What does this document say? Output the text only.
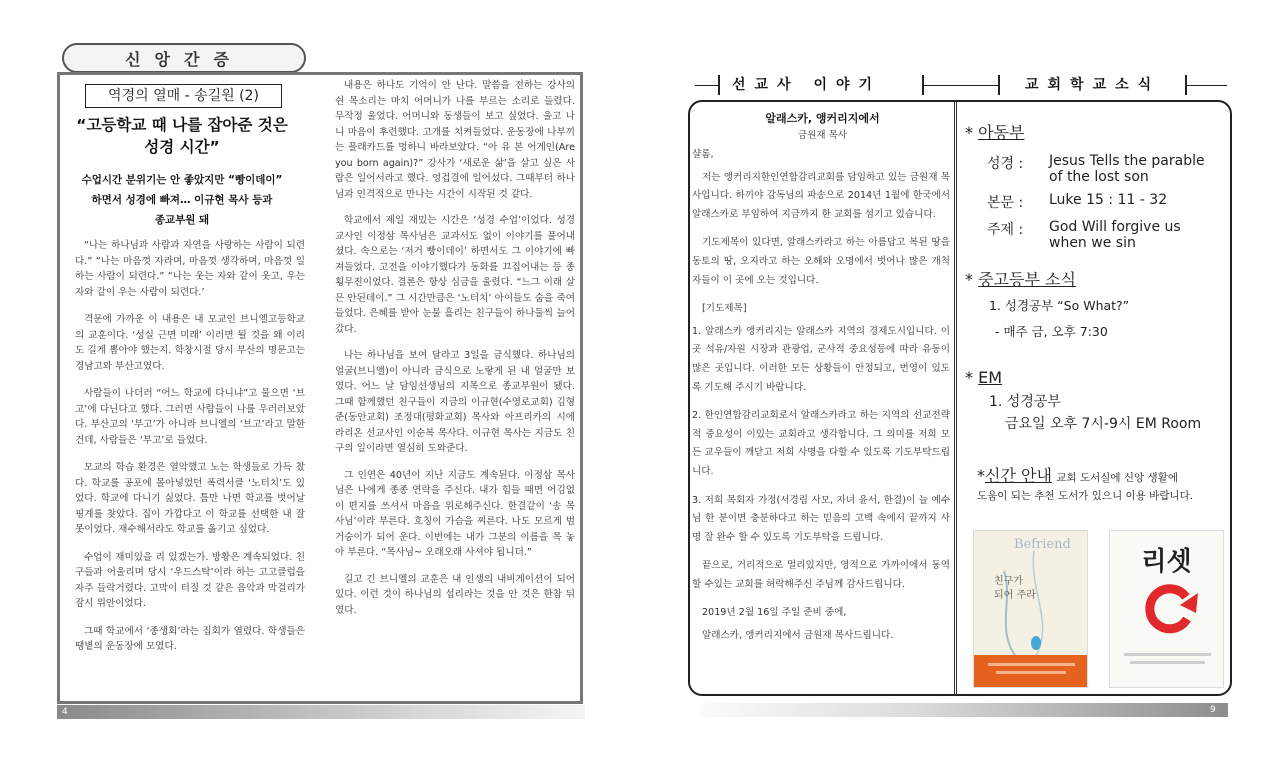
신앙간증
역경의 열매 - 송길원 (2)
“고등학교 때 나를 잡아준 것은
성경 시간”
수업시간 분위기는 안 좋았지만 “빵이데이”
하면서 성경에 빠져… 이규현 목사 등과
종교부원 돼

“나는 하나님과 사람과 자연을 사랑하는 사람이 되련다.” “나는 마음껏 자라며, 마음껏 생각하며, 마음껏 일하는 사람이 되련다.” “나는 웃는 자와 같이 웃고, 우는 자와 같이 우는 사람이 되련다.’

격문에 가까운 이 내용은 내 모교인 브니엘고등학교의 교훈이다. ‘성실 근면 미래’ 이러면 될 것을 왜 이리도 길게 뽑아야 했는지. 학창시절 당시 부산의 명문고는 경남고와 부산고였다.

사람들이 나더러 “어느 학교에 다니냐”고 물으면 ‘브고’에 다닌다고 했다. 그러면 사람들이 나를 우러러보았다. 부산고의 ‘부고’가 아니라 브니엘의 ‘브고’라고 말한 건데, 사람들은 ‘부고’로 들었다.

모교의 학습 환경은 열악했고 노는 학생들로 가득 찼다. 학교를 공포에 몰아넣었던 폭력서클 ‘노터치’도 있었다. 학교에 다니기 싫었다. 틈만 나면 학교를 벗어날 핑계를 찾았다. 집이 가깝다고 이 학교를 선택한 내 잘못이었다. 재수해서라도 학교를 옮기고 싶었다.

수업이 재미있을 리 있겠는가. 방황은 계속되었다. 친구들과 어울리며 당시 ‘우드스탁’이라 하는 고고클럽을 자주 들락거렸다. 고막이 터질 것 같은 음악과 막걸리가 잠시 위안이었다.

그때 학교에서 ‘종생회’라는 집회가 열렸다. 학생들은 땡볕의 운동장에 모였다.

내용은 하나도 기억이 안 난다. 말씀을 전하는 강사의 쉰 목소리는 마치 어머니가 나를 부르는 소리로 들렸다. 무작정 울었다. 어머니와 동생들이 보고 싶었다. 울고 나니 마음이 후련했다. 고개를 치켜들었다. 운동장에 나부끼는 플래카드를 멍하니 바라보았다. “아 유 본 어게인(Are you born again)?” 강사가 ‘새로운 삶’을 살고 싶은 사람은 일어서라고 했다. 엉겁결에 일어섰다. 그때부터 하나님과 인격적으로 만나는 시간이 시작된 것 같다.

학교에서 제일 재밌는 시간은 ‘성경 수업’이었다. 성경 교사인 이정삼 목사님은 교과서도 없이 이야기를 풀어내셨다. 속으로는 ‘저거 빵이데이’ 하면서도 그 이야기에 빠져들었다. 고전을 이야기했다가 동화를 끄집어내는 등 종횡무진이었다. 결론은 항상 심금을 울렸다. “느그 이래 살믄 안된데이.” 그 시간만큼은 ‘노터치’ 아이들도 숨을 죽여 들었다. 은혜를 받아 눈물 흘리는 친구들이 하나둘씩 늘어갔다.

나는 하나님을 보여 달라고 3일을 금식했다. 하나님의 얼굴(브니엘)이 아니라 금식으로 노랗게 된 내 얼굴만 보였다. 어느 날 담임선생님의 지목으로 종교부원이 됐다. 그때 함께했던 친구들이 지금의 이규현(수영로교회) 김형준(동안교회) 조정대(평화교회) 목사와 아프리카의 시에라리온 선교사인 이순복 목사다. 이규현 목사는 지금도 친구의 일이라면 열심히 도와준다.

그 인연은 40년이 지난 지금도 계속된다. 이정삼 목사님은 나에게 종종 연락을 주신다. 내가 힘들 때면 어김없이 편지를 쓰셔서 마음을 위로해주신다. 한결같이 ‘송 목사님’이라 부른다. 호칭이 가슴을 찌른다. 나도 모르게 범거숭이가 되어 운다. 이번에는 내가 그분의 이름을 목 놓아 부른다. “목사님~ 오래오래 사셔야 됩니더.”

길고 긴 브니엘의 교훈은 내 인생의 내비게이션이 되어 있다. 이런 것이 하나님의 섭리라는 것을 안 것은 한참 뒤였다.

4
선교사 이야기	교회학교소식
알래스카, 앵커리지에서
금원재 목사

샬롬,

저는 앵커리지한인연합감리교회를 담임하고 있는 금원재 목사입니다. 하끼야 감독님의 파송으로 2014년 1월에 한국에서 알래스카로 부임하여 지금까지 한 교회를 섬기고 있습니다.

기도제목이 있다면, 알래스카라고 하는 아름답고 복된 땅을 동토의 땅, 오지라고 하는 오해와 오명에서 벗어나 많은 개척자들이 이 곳에 오는 것입니다.

[기도제목]

1. 알래스카 앵커리지는 알래스카 지역의 경제도시입니다. 이곳 석유/자원 시장과 관광업, 군사적 중요성등에 따라 유동이 많은 곳입니다. 이러한 모든 상황들이 안정되고, 번영이 있도록 기도해 주시기 바랍니다.

2. 한인연합감리교회로서 알래스카라고 하는 지역의 선교전략적 중요성이 이있는 교회라고 생각합니다. 그 의미를 저희 모든 교우들이 깨닫고 저희 사명을 다할 수 있도록 기도부탁드립니다.

3. 저희 목회자 가정(서경림 사모, 자녀 윤서, 한결)이 늘 예수님 한 분이면 충분하다고 하는 믿음의 고백 속에서 끝까지 사명 잘 완수 할 수 있도록 기도부탁을 드립니다.

끝으로, 거리적으로 멀리있지만, 영적으로 가까이에서 동역할 수있는 교회를 허락해주신 주님께 감사드립니다.

2019년 2월 16일 주일 준비 중에,

알래스카, 앵커리지에서 금원재 목사드립니다.

* 아동부
성경 :	Jesus Tells the parable
of the lost son
본문 :	Luke 15 : 11 - 32
주제 :	God Will forgive us
when we sin
* 중고등부 소식
1. 성경공부 “So What?”
- 매주 금, 오후 7:30
* EM
1. 성경공부
금요일 오후 7시-9시 EM Room
*신간 안내 교회 도서실에 신앙 생활에
도움이 되는 추천 도서가 있으니 이용 바랍니다.
Befriend
친구가
되어 주라
리셋
9
